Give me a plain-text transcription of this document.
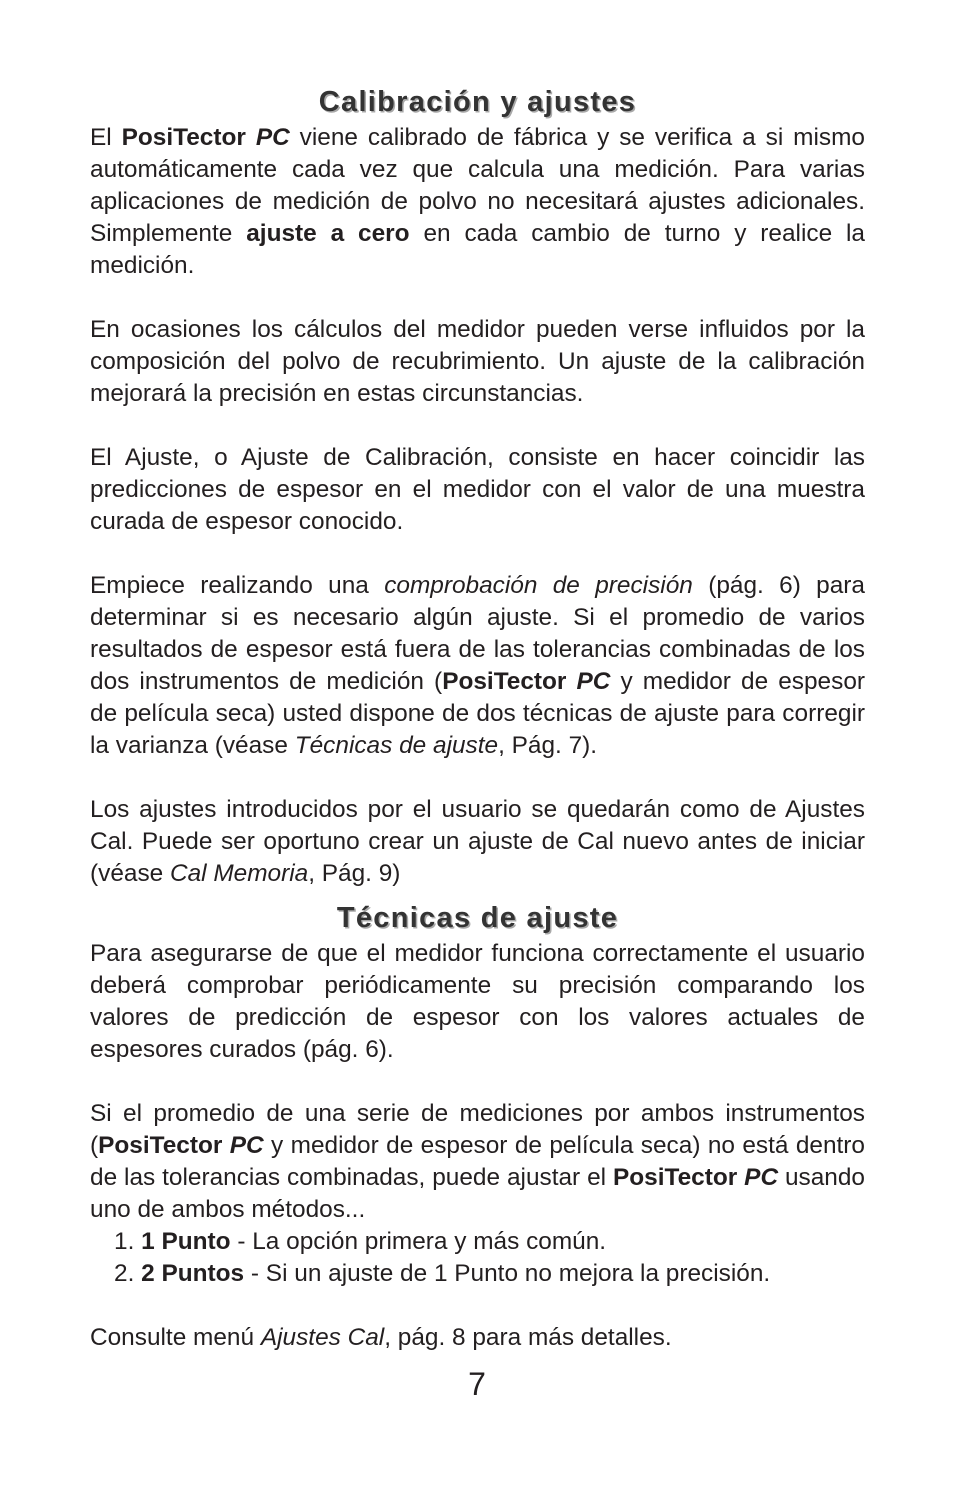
Calibración y ajustes

El PosiTector PC viene calibrado de fábrica y se verifica a si mismo automáticamente cada vez que calcula una medición. Para varias aplicaciones de medición de polvo no necesitará ajustes adicionales. Simplemente ajuste a cero en cada cambio de turno y realice la medición.

En ocasiones los cálculos del medidor pueden verse influidos por la composición del polvo de recubrimiento. Un ajuste de la calibración mejorará la precisión en estas circunstancias.

El Ajuste, o Ajuste de Calibración, consiste en hacer coincidir las predicciones de espesor en el medidor con el valor de una muestra curada de espesor conocido.

Empiece realizando una comprobación de precisión (pág. 6) para determinar si es necesario algún ajuste. Si el promedio de varios resultados de espesor está fuera de las tolerancias combinadas de los dos instrumentos de medición (PosiTector PC y medidor de espesor de película seca) usted dispone de dos técnicas de ajuste para corregir la varianza (véase Técnicas de ajuste, Pág. 7).

Los ajustes introducidos por el usuario se quedarán como de Ajustes Cal. Puede ser oportuno crear un ajuste de Cal nuevo antes de iniciar (véase Cal Memoria, Pág. 9)

Técnicas de ajuste

Para asegurarse de que el medidor funciona correctamente el usuario deberá comprobar periódicamente su precisión comparando los valores de predicción de espesor con los valores actuales de espesores curados (pág. 6).

Si el promedio de una serie de mediciones por ambos instrumentos (PosiTector PC y medidor de espesor de película seca) no está dentro de las tolerancias combinadas, puede ajustar el PosiTector PC usando uno de ambos métodos...

1. 1 Punto - La opción primera y más común.
2. 2 Puntos - Si un ajuste de 1 Punto no mejora la precisión.

Consulte menú Ajustes Cal, pág. 8 para más detalles.

7
